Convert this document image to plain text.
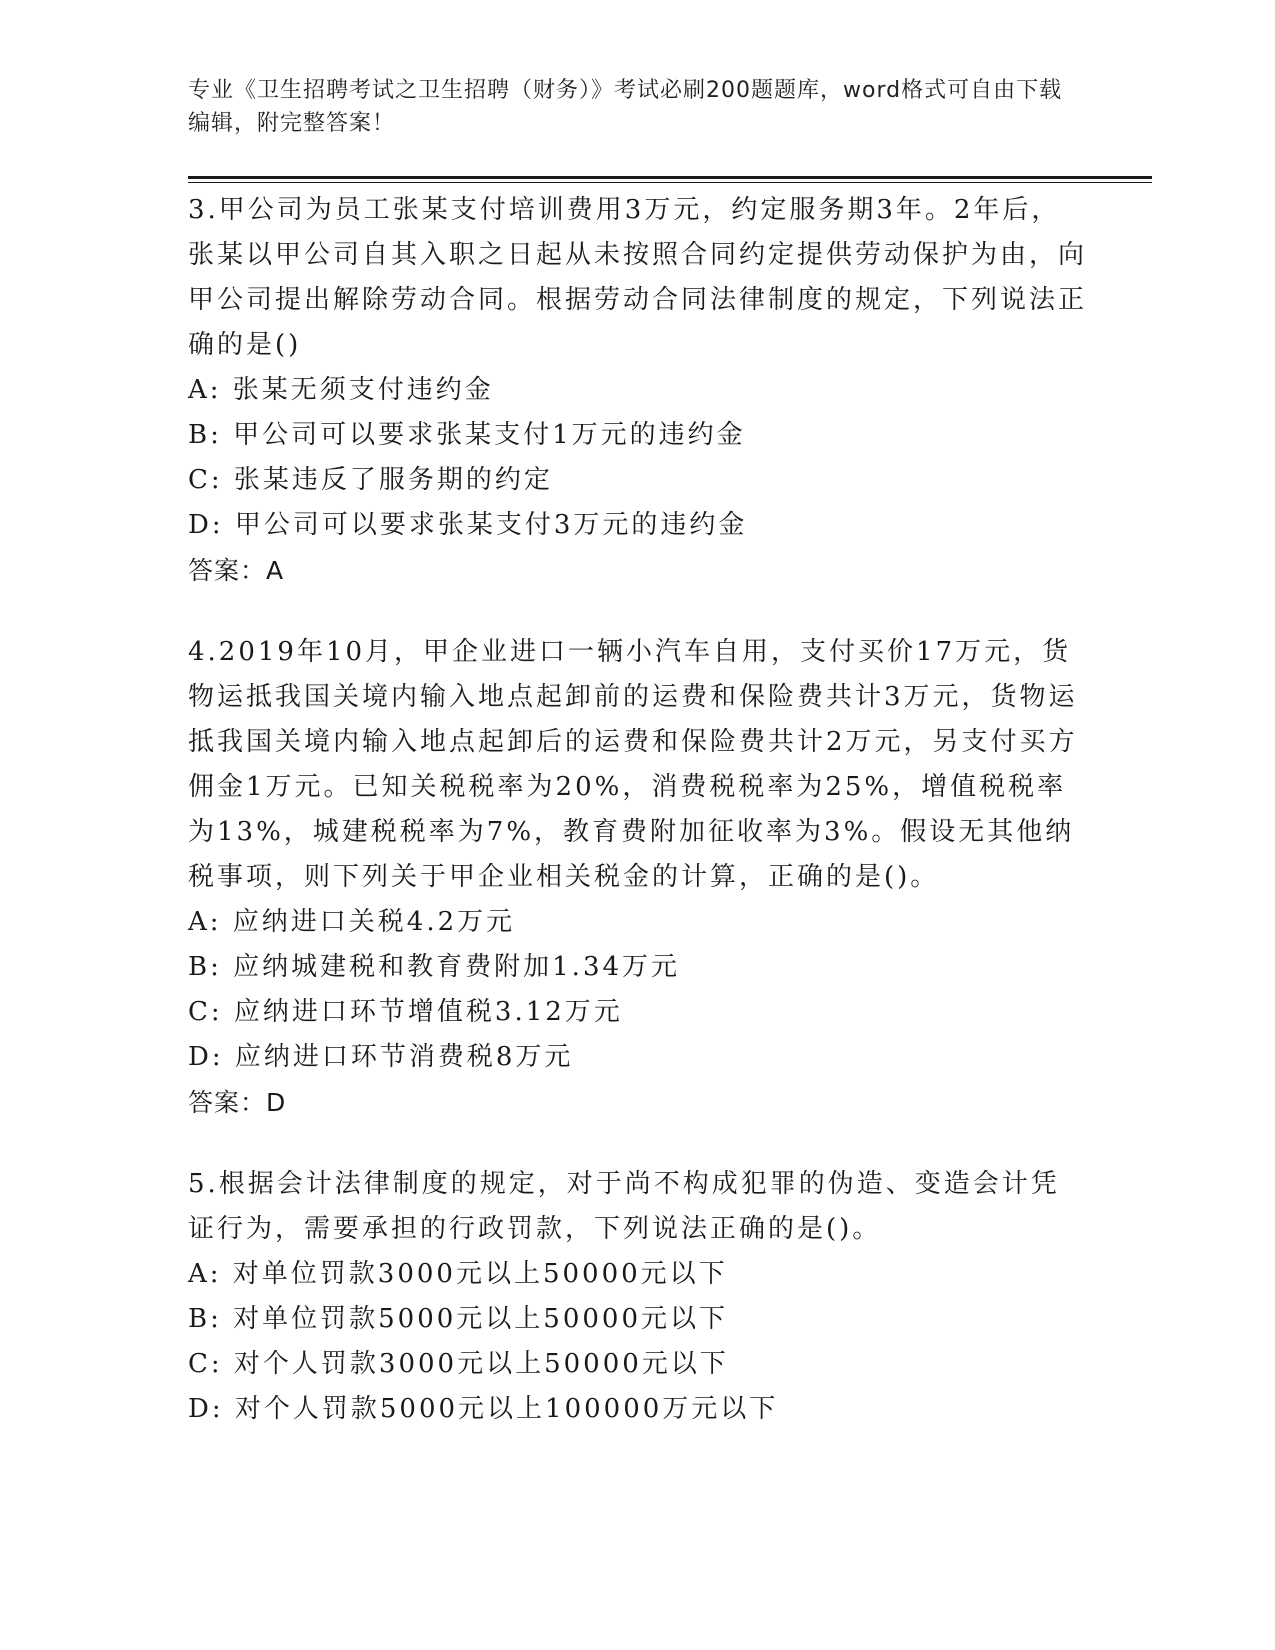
专业《卫生招聘考试之卫生招聘（财务）》考试必刷200题题库，word格式可自由下载编辑，附完整答案！

3.甲公司为员工张某支付培训费用3万元，约定服务期3年。2年后，张某以甲公司自其入职之日起从未按照合同约定提供劳动保护为由，向甲公司提出解除劳动合同。根据劳动合同法律制度的规定，下列说法正确的是()

A: 张某无须支付违约金

B: 甲公司可以要求张某支付1万元的违约金

C: 张某违反了服务期的约定

D: 甲公司可以要求张某支付3万元的违约金

答案：A

4.2019年10月，甲企业进口一辆小汽车自用，支付买价17万元，货物运抵我国关境内输入地点起卸前的运费和保险费共计3万元，货物运抵我国关境内输入地点起卸后的运费和保险费共计2万元，另支付买方佣金1万元。已知关税税率为20%，消费税税率为25%，增值税税率为13%，城建税税率为7%，教育费附加征收率为3%。假设无其他纳税事项，则下列关于甲企业相关税金的计算，正确的是()。

A: 应纳进口关税4.2万元

B: 应纳城建税和教育费附加1.34万元

C: 应纳进口环节增值税3.12万元

D: 应纳进口环节消费税8万元

答案：D

5.根据会计法律制度的规定，对于尚不构成犯罪的伪造、变造会计凭证行为，需要承担的行政罚款，下列说法正确的是()。

A: 对单位罚款3000元以上50000元以下

B: 对单位罚款5000元以上50000元以下

C: 对个人罚款3000元以上50000元以下

D: 对个人罚款5000元以上100000万元以下
